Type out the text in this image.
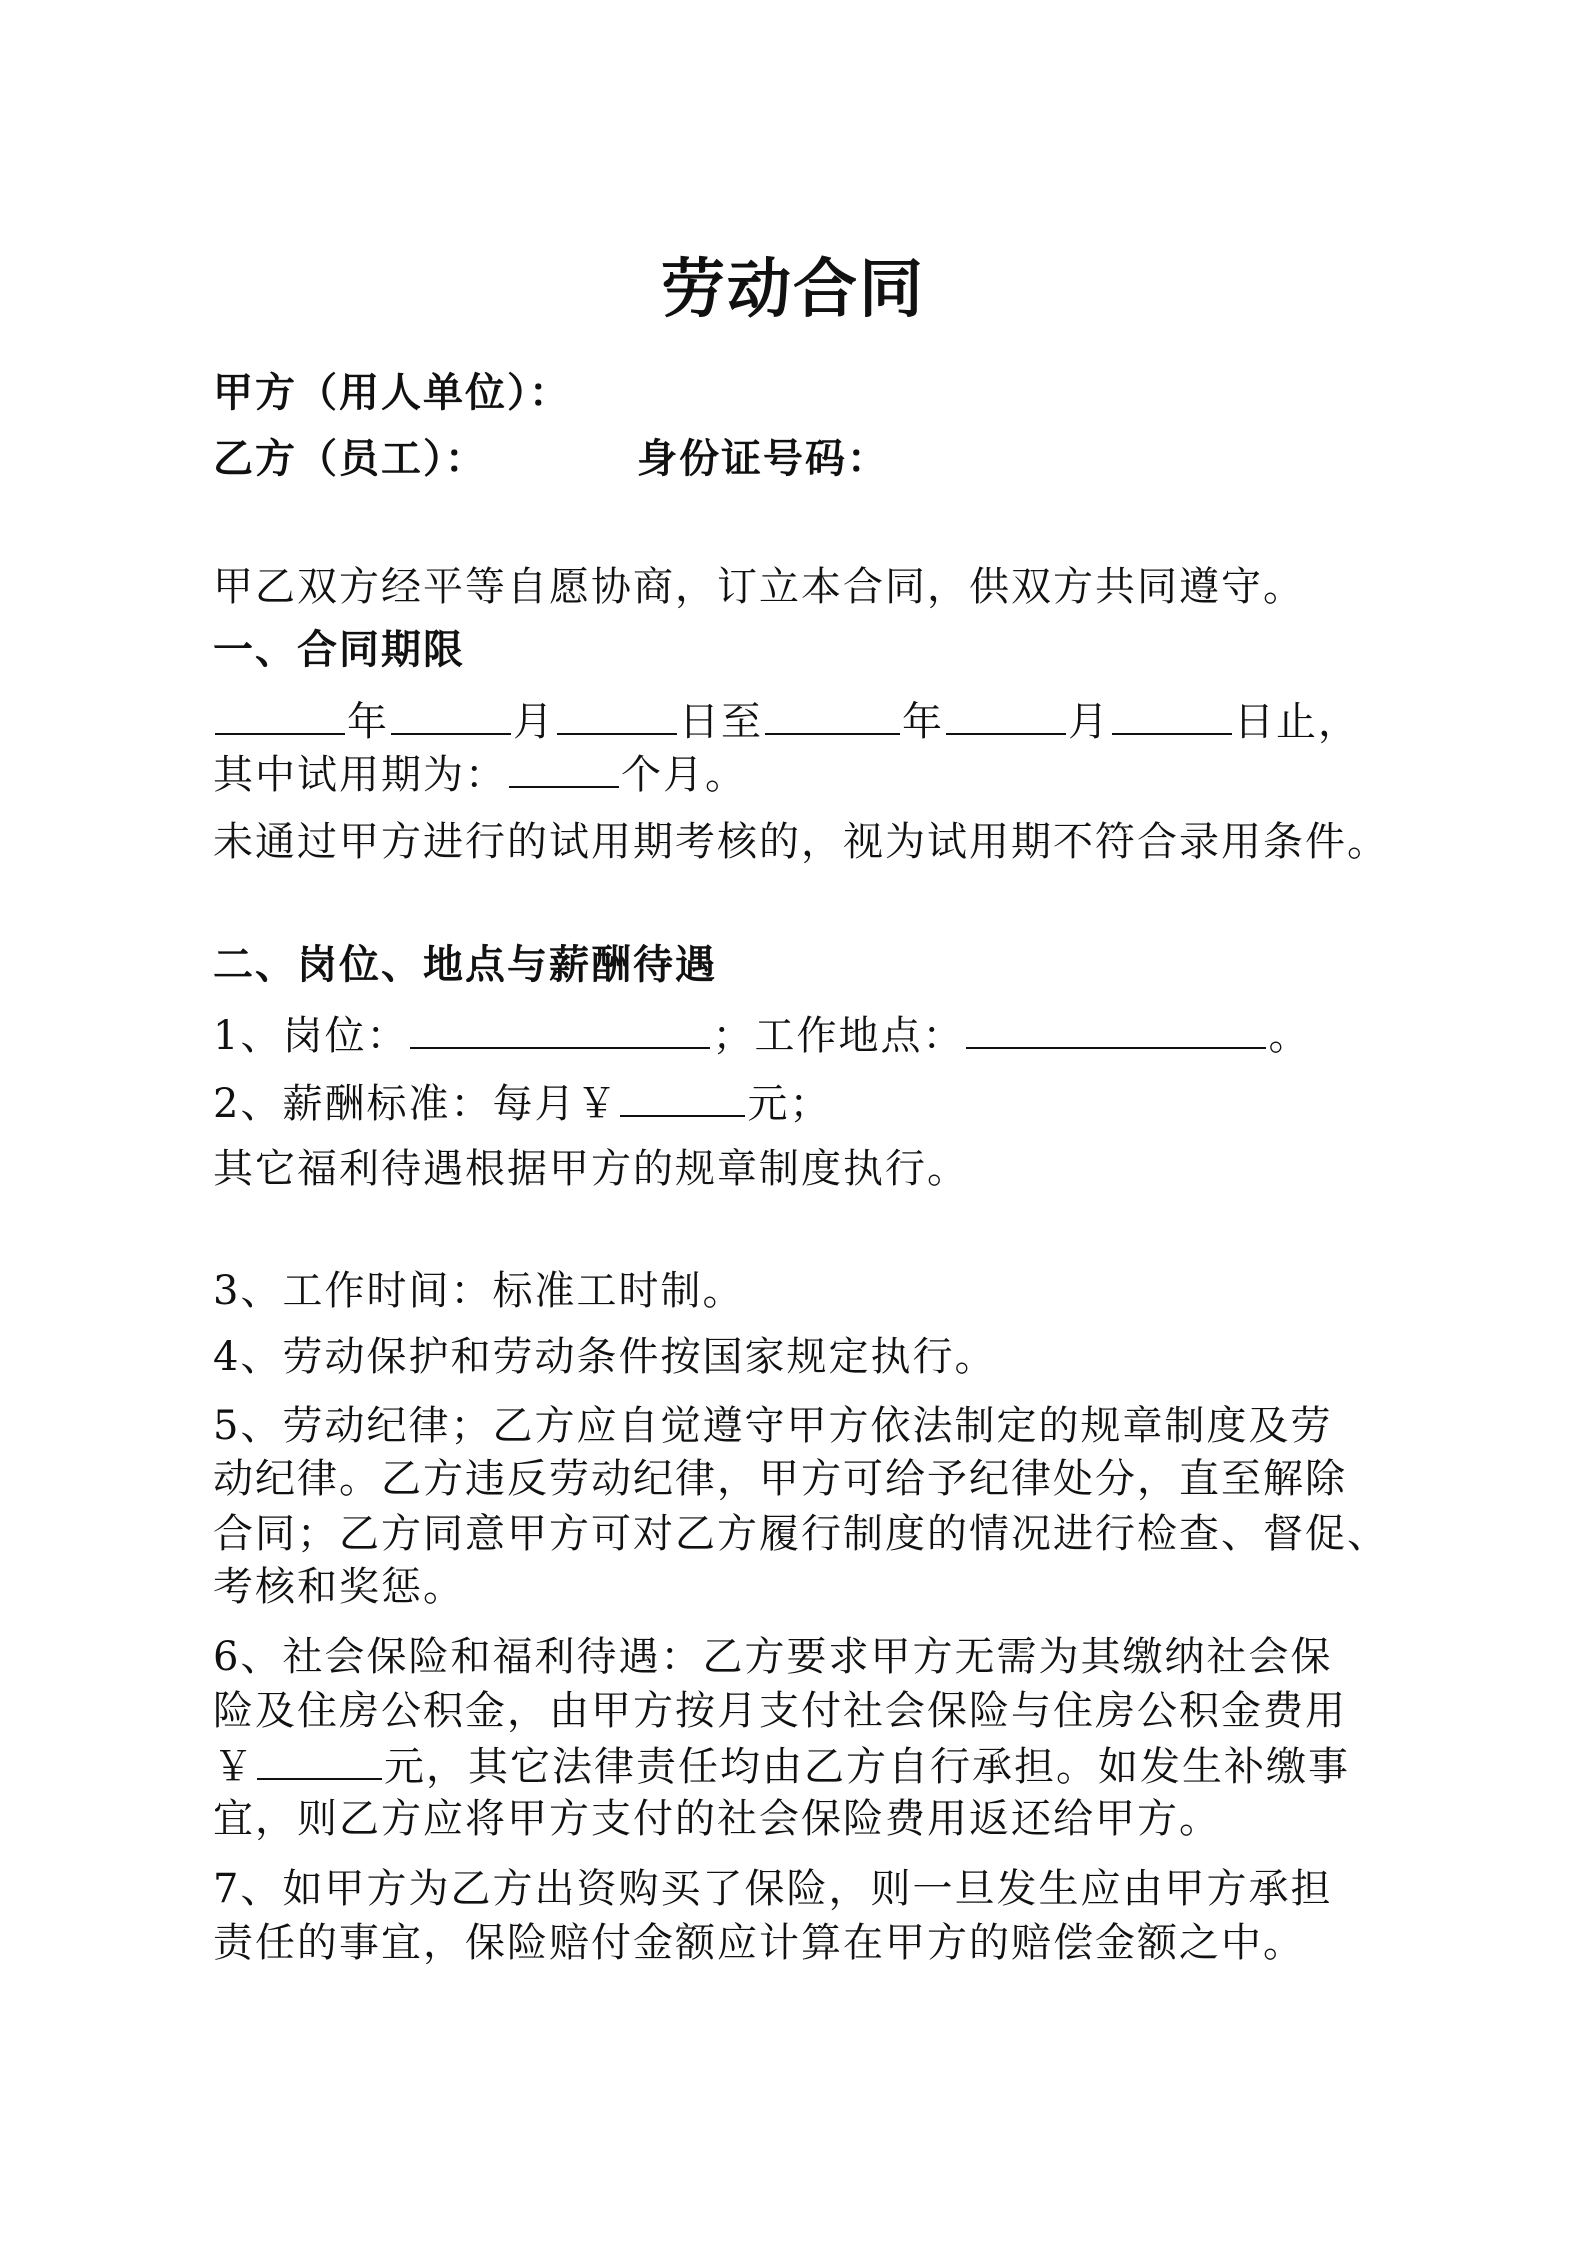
劳动合同
甲方（用人单位）：
乙方（员工）：	身份证号码：
甲乙双方经平等自愿协商，订立本合同，供双方共同遵守。
一、合同期限
年	月	日至	年	月	日止，
其中试用期为：	个月。
未通过甲方进行的试用期考核的，视为试用期不符合录用条件。
二、岗位、地点与薪酬待遇
1、岗位：	；工作地点：	。
2、薪酬标准：每月￥	元；
其它福利待遇根据甲方的规章制度执行。
3、工作时间：标准工时制。
4、劳动保护和劳动条件按国家规定执行。
5、劳动纪律；乙方应自觉遵守甲方依法制定的规章制度及劳
动纪律。乙方违反劳动纪律，甲方可给予纪律处分，直至解除
合同；乙方同意甲方可对乙方履行制度的情况进行检查、督促、
考核和奖惩。
6、社会保险和福利待遇：乙方要求甲方无需为其缴纳社会保
险及住房公积金，由甲方按月支付社会保险与住房公积金费用
￥	元，其它法律责任均由乙方自行承担。如发生补缴事
宜，则乙方应将甲方支付的社会保险费用返还给甲方。
7、如甲方为乙方出资购买了保险，则一旦发生应由甲方承担
责任的事宜，保险赔付金额应计算在甲方的赔偿金额之中。
